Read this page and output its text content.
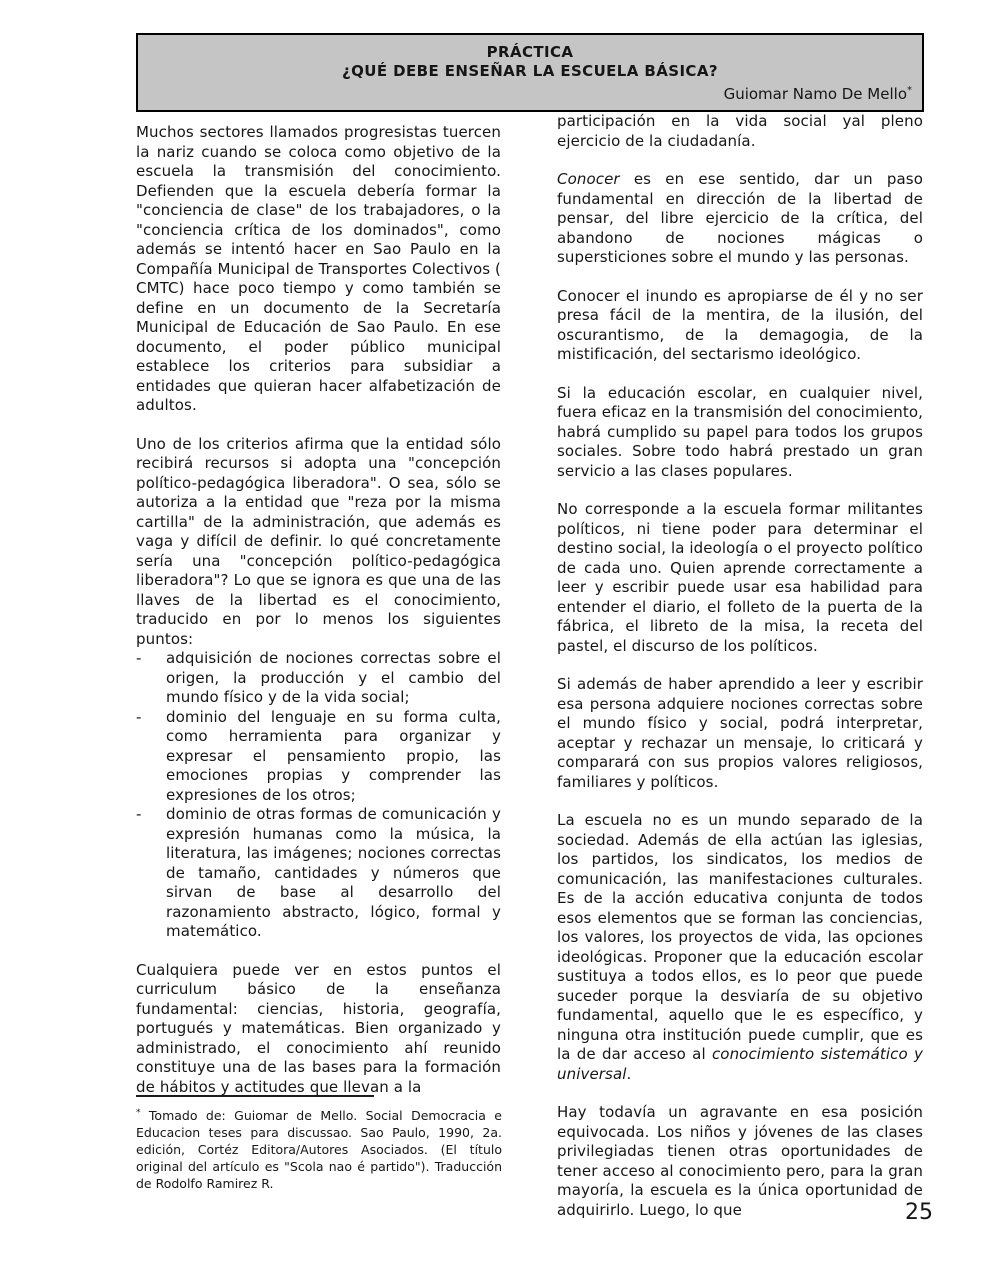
PRÁCTICA
¿QUÉ DEBE ENSEÑAR LA ESCUELA BÁSICA?
Guiomar Namo De Mello*

Muchos sectores llamados progresistas tuercen la nariz cuando se coloca como objetivo de la escuela la transmisión del conocimiento. Defienden que la escuela debería formar la "conciencia de clase" de los trabajadores, o la "conciencia crítica de los dominados", como además se intentó hacer en Sao Paulo en la Compañía Municipal de Transportes Colectivos ( CMTC) hace poco tiempo y como también se define en un documento de la Secretaría Municipal de Educación de Sao Paulo. En ese documento, el poder público municipal establece los criterios para subsidiar a entidades que quieran hacer alfabetización de adultos.

Uno de los criterios afirma que la entidad sólo recibirá recursos si adopta una "concepción político-pedagógica liberadora". O sea, sólo se autoriza a la entidad que "reza por la misma cartilla" de la administración, que además es vaga y difícil de definir. lo qué concretamente sería una "concepción político-pedagógica liberadora"? Lo que se ignora es que una de las llaves de la libertad es el conocimiento, traducido en por lo menos los siguientes puntos:

-	adquisición de nociones correctas sobre el origen, la producción y el cambio del mundo físico y de la vida social;
-	dominio del lenguaje en su forma culta, como herramienta para organizar y expresar el pensamiento propio, las emociones propias y comprender las expresiones de los otros;
-	dominio de otras formas de comunicación y expresión humanas como la música, la literatura, las imágenes; nociones correctas de tamaño, cantidades y números que sirvan de base al desarrollo del razonamiento abstracto, lógico, formal y matemático.

Cualquiera puede ver en estos puntos el curriculum básico de la enseñanza fundamental: ciencias, historia, geografía, portugués y matemáticas. Bien organizado y administrado, el conocimiento ahí reunido constituye una de las bases para la formación de hábitos y actitudes que llevan a la

* Tomado de: Guiomar de Mello. Social Democracia e Educacion teses para discussao. Sao Paulo, 1990, 2a. edición, Cortéz Editora/Autores Asociados. (El título original del artículo es "Scola nao é partido"). Traducción de Rodolfo Ramirez R.

participación en la vida social yal pleno ejercicio de la ciudadanía.

Conocer es en ese sentido, dar un paso fundamental en dirección de la libertad de pensar, del libre ejercicio de la crítica, del abandono de nociones mágicas o supersticiones sobre el mundo y las personas.

Conocer el inundo es apropiarse de él y no ser presa fácil de la mentira, de la ilusión, del oscurantismo, de la demagogia, de la mistificación, del sectarismo ideológico.

Si la educación escolar, en cualquier nivel, fuera eficaz en la transmisión del conocimiento, habrá cumplido su papel para todos los grupos sociales. Sobre todo habrá prestado un gran servicio a las clases populares.

No corresponde a la escuela formar militantes políticos, ni tiene poder para determinar el destino social, la ideología o el proyecto político de cada uno. Quien aprende correctamente a leer y escribir puede usar esa habilidad para entender el diario, el folleto de la puerta de la fábrica, el libreto de la misa, la receta del pastel, el discurso de los políticos.

Si además de haber aprendido a leer y escribir esa persona adquiere nociones correctas sobre el mundo físico y social, podrá interpretar, aceptar y rechazar un mensaje, lo criticará y comparará con sus propios valores religiosos, familiares y políticos.

La escuela no es un mundo separado de la sociedad. Además de ella actúan las iglesias, los partidos, los sindicatos, los medios de comunicación, las manifestaciones culturales. Es de la acción educativa conjunta de todos esos elementos que se forman las conciencias, los valores, los proyectos de vida, las opciones ideológicas. Proponer que la educación escolar sustituya a todos ellos, es lo peor que puede suceder porque la desviaría de su objetivo fundamental, aquello que le es específico, y ninguna otra institución puede cumplir, que es la de dar acceso al conocimiento sistemático y universal.

Hay todavía un agravante en esa posición equivocada. Los niños y jóvenes de las clases privilegiadas tienen otras oportunidades de tener acceso al conocimiento pero, para la gran mayoría, la escuela es la única oportunidad de adquirirlo. Luego, lo que	25
